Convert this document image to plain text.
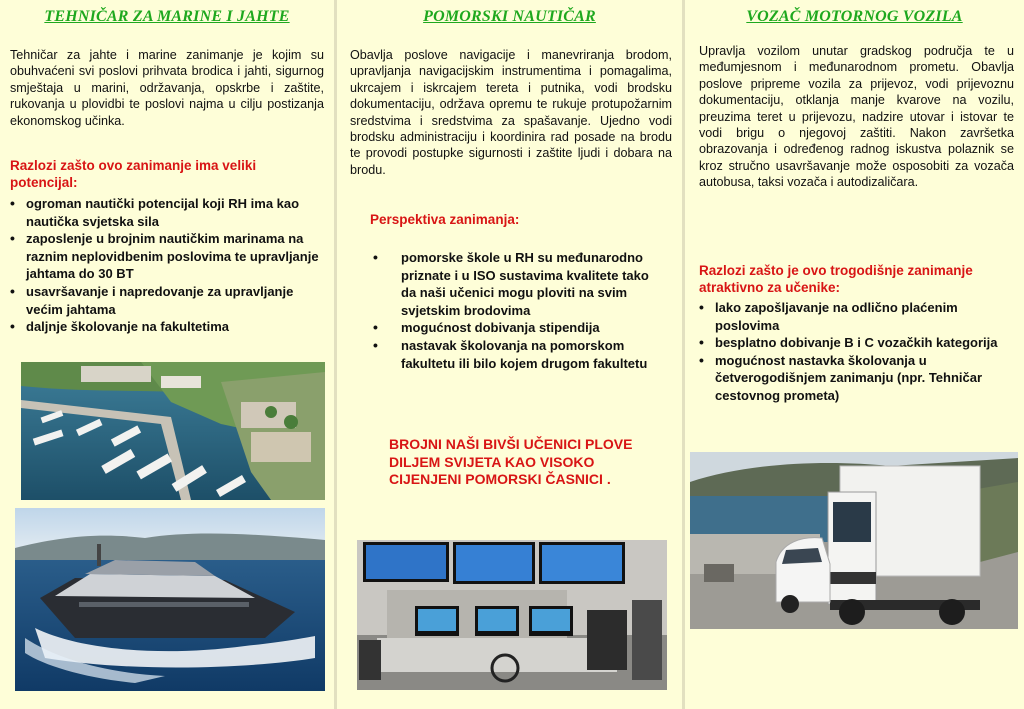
TEHNIČAR ZA MARINE I JAHTE

Tehničar za jahte i marine zanimanje je kojim su obuhvaćeni svi poslovi prihvata brodica i jahti, sigurnog smještaja u marini, održavanja, opskrbe i zaštite, rukovanja u plovidbi te poslovi najma u cilju postizanja ekonomskog učinka.

Razlozi zašto ovo zanimanje ima veliki potencijal:
• ogroman nautički potencijal koji RH ima kao nautička svjetska sila
• zaposlenje u brojnim nautičkim marinama na raznim neplovidbenim poslovima te upravljanje jahtama do 30 BT
• usavršavanje i napredovanje za upravljanje većim jahtama
• daljnje školovanje na fakultetima
POMORSKI NAUTIČAR

Obavlja poslove navigacije i manevriranja brodom, upravljanja navigacijskim instrumentima i pomagalima, ukrcajem i iskrcajem tereta i putnika, vodi brodsku dokumentaciju, održava opremu te rukuje protupožarnim sredstvima i sredstvima za spašavanje. Ujedno vodi brodsku administraciju i koordinira rad posade na brodu te provodi postupke sigurnosti i zaštite ljudi i dobara na brodu.

Perspektiva zanimanja:
• pomorske škole u RH su međunarodno priznate i u ISO sustavima kvalitete tako da naši učenici mogu ploviti na svim svjetskim brodovima
• mogućnost dobivanja stipendija
• nastavak školovanja na pomorskom fakultetu ili bilo kojem drugom fakultetu
BROJNI NAŠI BIVŠI UČENICI PLOVE DILJEM SVIJETA KAO VISOKO CIJENJENI POMORSKI ČASNICI .
VOZAČ MOTORNOG VOZILA

Upravlja vozilom unutar gradskog područja te u međumjesnom i međunarodnom prometu. Obavlja poslove pripreme vozila za prijevoz, vodi prijevoznu dokumentaciju, otklanja manje kvarove na vozilu, preuzima teret u prijevozu, nadzire utovar i istovar te vodi brigu o njegovoj zaštiti. Nakon završetka obrazovanja i određenog radnog iskustva polaznik se kroz stručno usavršavanje može osposobiti za vozača autobusa, taksi vozača i autodizaličara.

Razlozi zašto je ovo trogodišnje zanimanje atraktivno za učenike:
• lako zapošljavanje na odlično plaćenim poslovima
• besplatno dobivanje B i C vozačkih kategorija
• mogućnost nastavka školovanja u četverogodišnjem zanimanju (npr. Tehničar cestovnog prometa)
